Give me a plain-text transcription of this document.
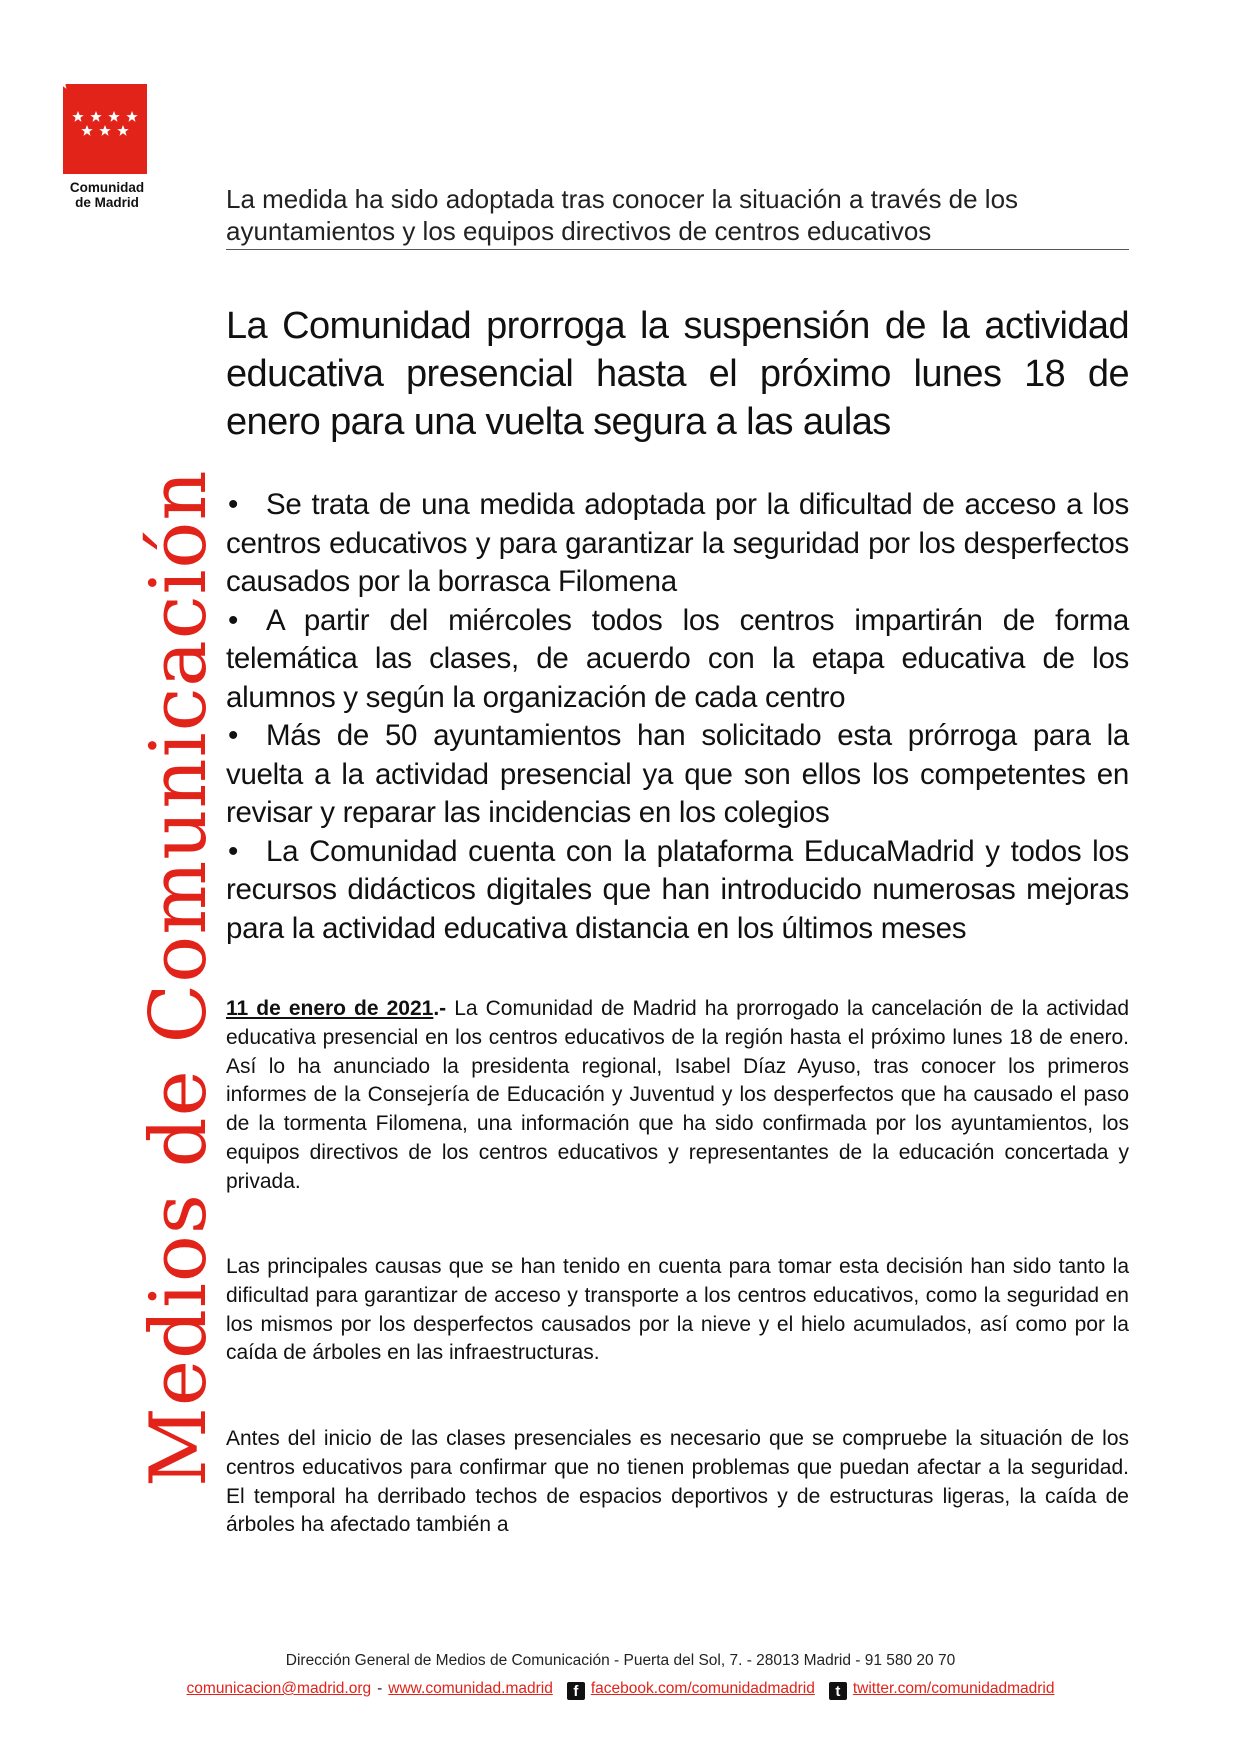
Comunidad
de Madrid
Medios de Comunicación
La medida ha sido adoptada tras conocer la situación a través de los ayuntamientos y los equipos directivos de centros educativos
La Comunidad prorroga la suspensión de la actividad educativa presencial hasta el próximo lunes 18 de enero para una vuelta segura a las aulas
• Se trata de una medida adoptada por la dificultad de acceso a los centros educativos y para garantizar la seguridad por los desperfectos causados por la borrasca Filomena
• A partir del miércoles todos los centros impartirán de forma telemática las clases, de acuerdo con la etapa educativa de los alumnos y según la organización de cada centro
• Más de 50 ayuntamientos han solicitado esta prórroga para la vuelta a la actividad presencial ya que son ellos los competentes en revisar y reparar las incidencias en los colegios
• La Comunidad cuenta con la plataforma EducaMadrid y todos los recursos didácticos digitales que han introducido numerosas mejoras para la actividad educativa distancia en los últimos meses

11 de enero de 2021.- La Comunidad de Madrid ha prorrogado la cancelación de la actividad educativa presencial en los centros educativos de la región hasta el próximo lunes 18 de enero. Así lo ha anunciado la presidenta regional, Isabel Díaz Ayuso, tras conocer los primeros informes de la Consejería de Educación y Juventud y los desperfectos que ha causado el paso de la tormenta Filomena, una información que ha sido confirmada por los ayuntamientos, los equipos directivos de los centros educativos y representantes de la educación concertada y privada.

Las principales causas que se han tenido en cuenta para tomar esta decisión han sido tanto la dificultad para garantizar de acceso y transporte a los centros educativos, como la seguridad en los mismos por los desperfectos causados por la nieve y el hielo acumulados, así como por la caída de árboles en las infraestructuras.

Antes del inicio de las clases presenciales es necesario que se compruebe la situación de los centros educativos para confirmar que no tienen problemas que puedan afectar a la seguridad. El temporal ha derribado techos de espacios deportivos y de estructuras ligeras, la caída de árboles ha afectado también a

Dirección General de Medios de Comunicación - Puerta del Sol, 7. - 28013 Madrid - 91 580 20 70
comunicacion@madrid.org - www.comunidad.madrid f facebook.com/comunidadmadrid t twitter.com/comunidadmadrid
